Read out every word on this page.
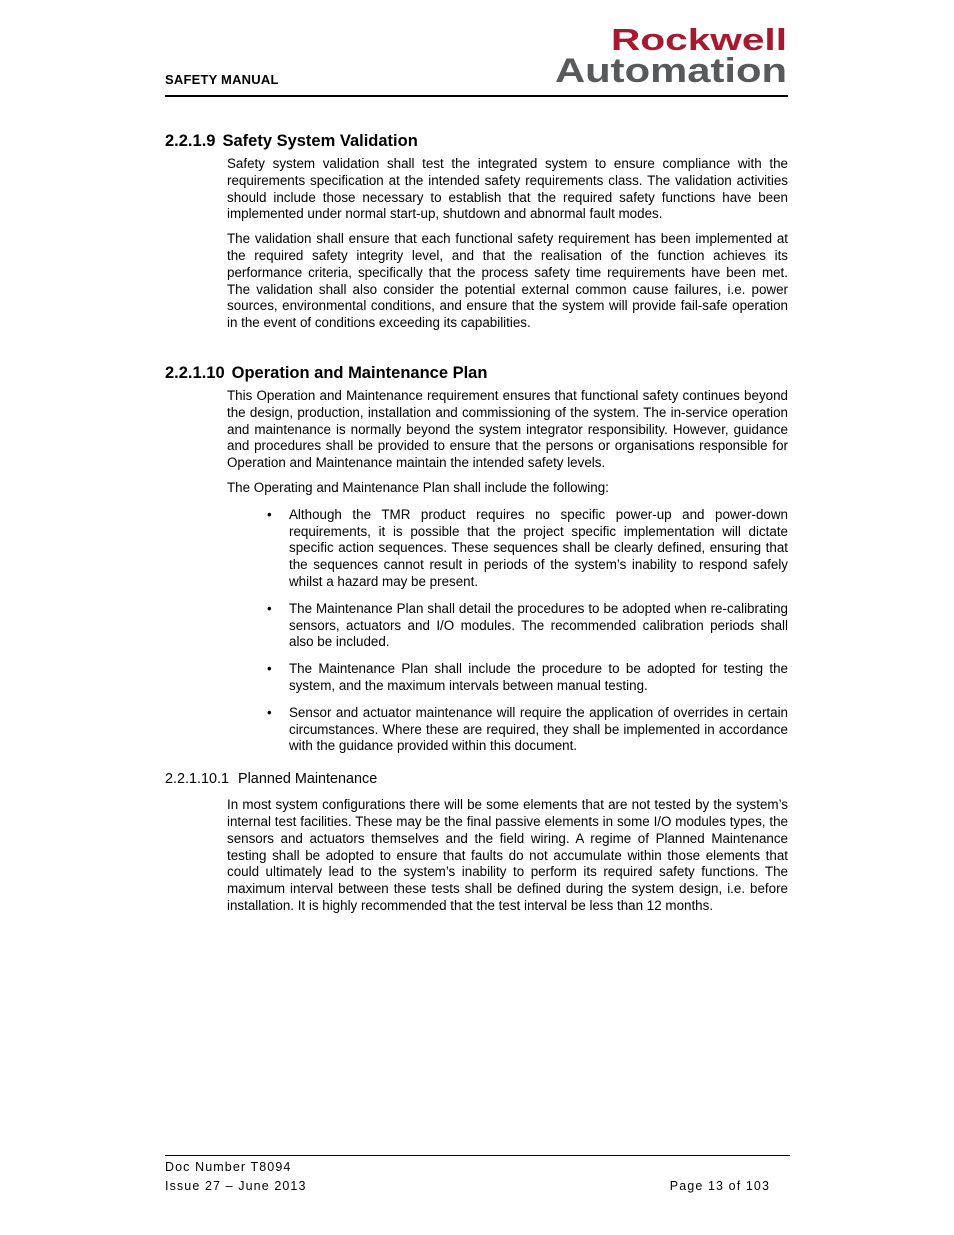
SAFETY MANUAL
Rockwell
Automation
2.2.1.9 Safety System Validation

Safety system validation shall test the integrated system to ensure compliance with the requirements specification at the intended safety requirements class. The validation activities should include those necessary to establish that the required safety functions have been implemented under normal start-up, shutdown and abnormal fault modes.

The validation shall ensure that each functional safety requirement has been implemented at the required safety integrity level, and that the realisation of the function achieves its performance criteria, specifically that the process safety time requirements have been met. The validation shall also consider the potential external common cause failures, i.e. power sources, environmental conditions, and ensure that the system will provide fail-safe operation in the event of conditions exceeding its capabilities.

2.2.1.10 Operation and Maintenance Plan

This Operation and Maintenance requirement ensures that functional safety continues beyond the design, production, installation and commissioning of the system. The in-service operation and maintenance is normally beyond the system integrator responsibility. However, guidance and procedures shall be provided to ensure that the persons or organisations responsible for Operation and Maintenance maintain the intended safety levels.

The Operating and Maintenance Plan shall include the following:

• Although the TMR product requires no specific power-up and power-down requirements, it is possible that the project specific implementation will dictate specific action sequences. These sequences shall be clearly defined, ensuring that the sequences cannot result in periods of the system’s inability to respond safely whilst a hazard may be present.
• The Maintenance Plan shall detail the procedures to be adopted when re-calibrating sensors, actuators and I/O modules. The recommended calibration periods shall also be included.
• The Maintenance Plan shall include the procedure to be adopted for testing the system, and the maximum intervals between manual testing.
• Sensor and actuator maintenance will require the application of overrides in certain circumstances. Where these are required, they shall be implemented in accordance with the guidance provided within this document.
2.2.1.10.1 Planned Maintenance

In most system configurations there will be some elements that are not tested by the system’s internal test facilities. These may be the final passive elements in some I/O modules types, the sensors and actuators themselves and the field wiring. A regime of Planned Maintenance testing shall be adopted to ensure that faults do not accumulate within those elements that could ultimately lead to the system’s inability to perform its required safety functions. The maximum interval between these tests shall be defined during the system design, i.e. before installation. It is highly recommended that the test interval be less than 12 months.

Doc Number T8094
Issue 27 – June 2013	Page 13 of 103
